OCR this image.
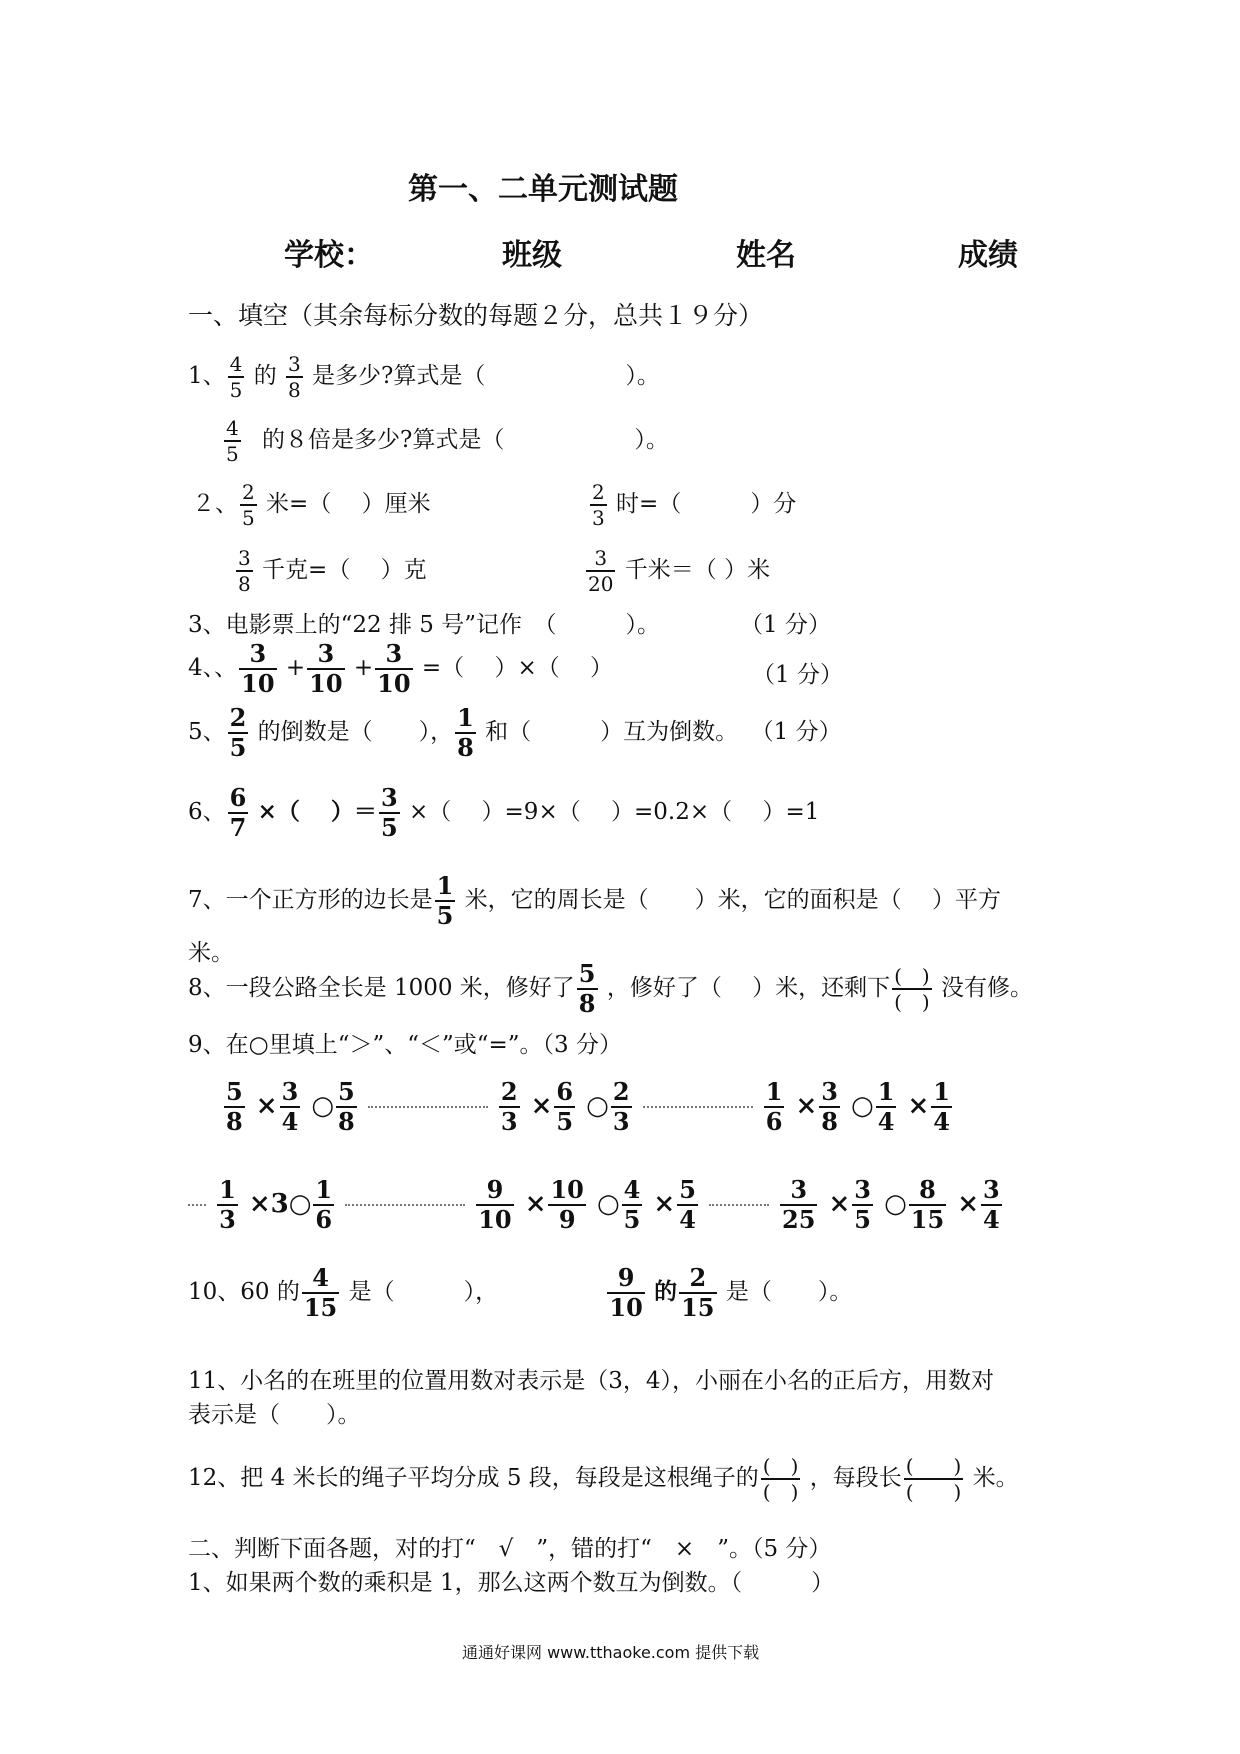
第一、二单元测试题
学校：	班级	姓名	成绩
一、填空（其余每标分数的每题２分，总共１９分）
1、 $\frac{4}{5}$ 的 $\frac{3}{8}$ 是多少?算式是（	）。
$\frac{4}{5}$ 的８倍是多少?算式是（	）。
２、 $\frac{2}{5}$ 米=（　 ）厘米	$\frac{2}{3}$ 时=（　　　）分
$\frac{3}{8}$ 千克=（　 ）克	$\frac{3}{20}$ 千米＝（ ）米
3、电影票上的“22 排 5 号”记作　（　　　）。	（1 分）
4、、 $\frac{3}{10} + \frac{3}{10} + \frac{3}{10}$ =（　 ）×（　 ）	（1 分）
5、 $\frac{2}{5}$ 的倒数是（　　）， $\frac{1}{8}$ 和（　　　）互为倒数。 （1 分）
6、 $\frac{6}{7}$ ×（　 ）＝ $\frac{3}{5}$ ×（　 ）=9×（　 ）=0.2×（　 ）=1
7、一个正方形的边长是 $\frac{1}{5}$ 米，它的周长是（　　）米，它的面积是（　 ）平方
米。
8、一段公路全长是 1000 米，修好了 $\frac{5}{8}$ ，修好了（　 ）米，还剩下 (　)
(　)
没有修。
9、在○里填上“＞”、“＜”或“=”。（3 分）
$\frac{5}{8} \times \frac{3}{4}$ ○ $\frac{5}{8}$
	$\frac{2}{3} \times \frac{6}{5}$ ○ $\frac{2}{3}$
	$\frac{1}{6} \times \frac{3}{8}$ ○ $\frac{1}{4} \times \frac{1}{4}$

$\frac{1}{3}$ ×3○ $\frac{1}{6}$
	$\frac{9}{10} \times \frac{10}{9}$ ○ $\frac{4}{5} \times \frac{5}{4}$
	$\frac{3}{25} \times \frac{3}{5}$ ○ $\frac{8}{15} \times \frac{3}{4}$
10、60 的 $\frac{4}{15}$ 是（　　　），	$\frac{9}{10}$ 的 $\frac{2}{15}$ 是（　　）。
11、小名的在班里的位置用数对表示是（3，4），小丽在小名的正后方，用数对
表示是（　　）。
12、把 4 米长的绳子平均分成 5 段，每段是这根绳子的 (　)
(　)
，每段长 (　　)
(　　)
米。
二、判断下面各题，对的打“　√　”，错的打“　×　”。（5 分）
1、如果两个数的乘积是 1，那么这两个数互为倒数。（　　　）
通通好课网 www.tthaoke.com 提供下载
